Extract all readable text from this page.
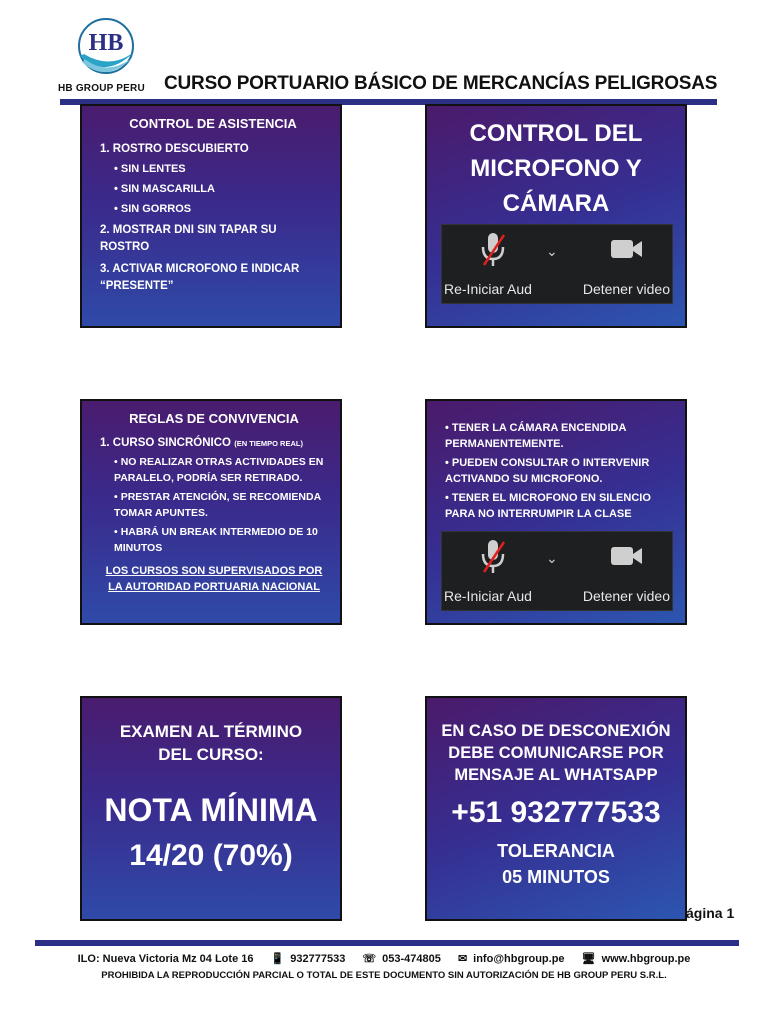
HB
HB GROUP PERU CURSO PORTUARIO BÁSICO DE MERCANCÍAS PELIGROSAS
CONTROL DE ASISTENCIA
1. ROSTRO DESCUBIERTO
• SIN LENTES
• SIN MASCARILLA
• SIN GORROS
2. MOSTRAR DNI SIN TAPAR SU ROSTRO
3. ACTIVAR MICROFONO E INDICAR “PRESENTE”
CONTROL DEL
MICROFONO Y
CÁMARA
⌄
Re-Iniciar Aud	Detener video
REGLAS DE CONVIVENCIA
1. CURSO SINCRÓNICO (EN TIEMPO REAL)
• NO REALIZAR OTRAS ACTIVIDADES EN PARALELO, PODRÍA SER RETIRADO.
• PRESTAR ATENCIÓN, SE RECOMIENDA TOMAR APUNTES.
• HABRÁ UN BREAK INTERMEDIO DE 10 MINUTOS
LOS CURSOS SON SUPERVISADOS POR
LA AUTORIDAD PORTUARIA NACIONAL
• TENER LA CÁMARA ENCENDIDA PERMANENTEMENTE.
• PUEDEN CONSULTAR O INTERVENIR ACTIVANDO SU MICROFONO.
• TENER EL MICROFONO EN SILENCIO PARA NO INTERRUMPIR LA CLASE
⌄
Re-Iniciar Aud	Detener video
EXAMEN AL TÉRMINO
DEL CURSO:
NOTA MÍNIMA
14/20 (70%)
EN CASO DE DESCONEXIÓN
DEBE COMUNICARSE POR
MENSAJE AL WHATSAPP
+51 932777533
TOLERANCIA
05 MINUTOS
ágina 1
ILO: Nueva Victoria Mz 04 Lote 16 📱 932777533 ☏ 053-474805 ✉ info@hbgroup.pe 🖥 www.hbgroup.pe
PROHIBIDA LA REPRODUCCIÓN PARCIAL O TOTAL DE ESTE DOCUMENTO SIN AUTORIZACIÓN DE HB GROUP PERU S.R.L.
